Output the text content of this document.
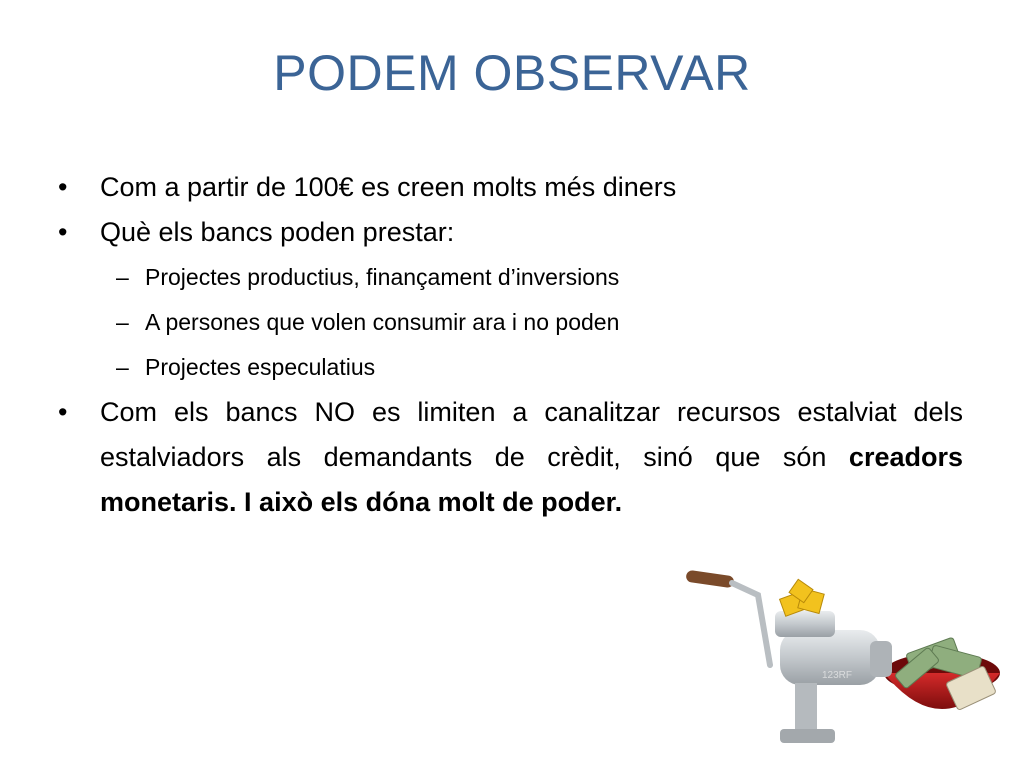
PODEM OBSERVAR
• Com a partir de 100€ es creen molts més diners
• Què els bancs poden prestar:
– Projectes productius, finançament d’inversions
– A persones que volen consumir ara i no poden
– Projectes especulatius
• Com els bancs NO es limiten a canalitzar recursos estalviat dels estalviadors als demandants de crèdit, sinó que són creadors monetaris. I això els dóna molt de poder.
123RF
